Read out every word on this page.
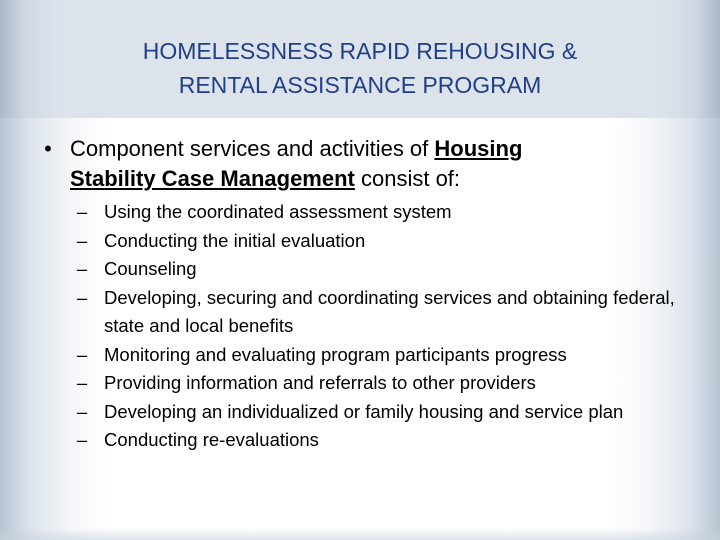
HOMELESSNESS RAPID REHOUSING &
RENTAL ASSISTANCE PROGRAM
• Component services and activities of Housing
Stability Case Management consist of:
– Using the coordinated assessment system
– Conducting the initial evaluation
– Counseling
– Developing, securing and coordinating services and obtaining federal, state and local benefits
– Monitoring and evaluating program participants progress
– Providing information and referrals to other providers
– Developing an individualized or family housing and service plan
– Conducting re-evaluations
